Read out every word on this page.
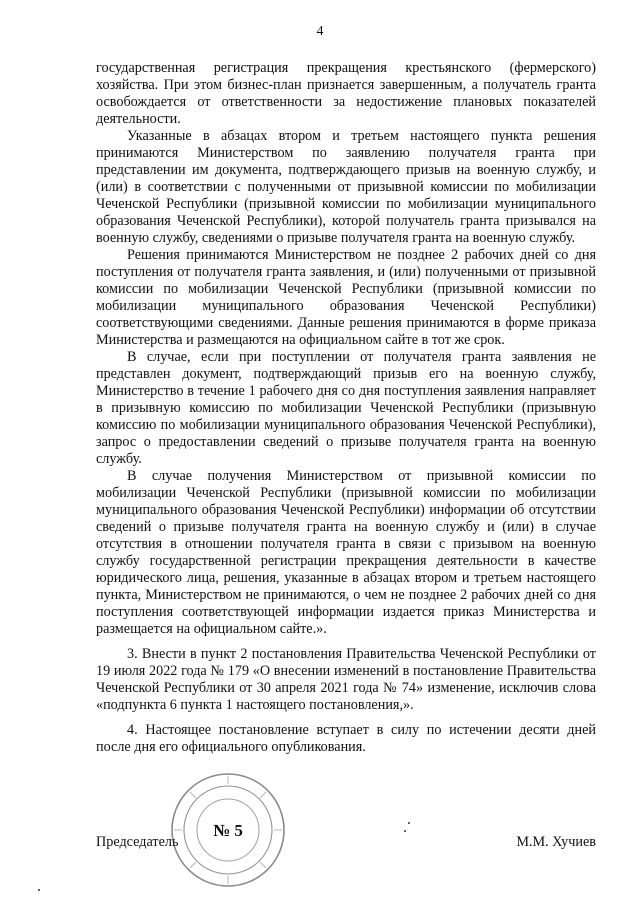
4

государственная регистрация прекращения крестьянского (фермерского) хозяйства. При этом бизнес-план признается завершенным, а получатель гранта освобождается от ответственности за недостижение плановых показателей деятельности.

Указанные в абзацах втором и третьем настоящего пункта решения принимаются Министерством по заявлению получателя гранта при представлении им документа, подтверждающего призыв на военную службу, и (или) в соответствии с полученными от призывной комиссии по мобилизации Чеченской Республики (призывной комиссии по мобилизации муниципального образования Чеченской Республики), которой получатель гранта призывался на военную службу, сведениями о призыве получателя гранта на военную службу.

Решения принимаются Министерством не позднее 2 рабочих дней со дня поступления от получателя гранта заявления, и (или) полученными от призывной комиссии по мобилизации Чеченской Республики (призывной комиссии по мобилизации муниципального образования Чеченской Республики) соответствующими сведениями. Данные решения принимаются в форме приказа Министерства и размещаются на официальном сайте в тот же срок.

В случае, если при поступлении от получателя гранта заявления не представлен документ, подтверждающий призыв его на военную службу, Министерство в течение 1 рабочего дня со дня поступления заявления направляет в призывную комиссию по мобилизации Чеченской Республики (призывную комиссию по мобилизации муниципального образования Чеченской Республики), запрос о предоставлении сведений о призыве получателя гранта на военную службу.

В случае получения Министерством от призывной комиссии по мобилизации Чеченской Республики (призывной комиссии по мобилизации муниципального образования Чеченской Республики) информации об отсутствии сведений о призыве получателя гранта на военную службу и (или) в случае отсутствия в отношении получателя гранта в связи с призывом на военную службу государственной регистрации прекращения деятельности в качестве юридического лица, решения, указанные в абзацах втором и третьем настоящего пункта, Министерством не принимаются, о чем не позднее 2 рабочих дней со дня поступления соответствующей информации издается приказ Министерства и размещается на официальном сайте.».

3. Внести в пункт 2 постановления Правительства Чеченской Республики от 19 июля 2022 года № 179 «О внесении изменений в постановление Правительства Чеченской Республики от 30 апреля 2021 года № 74» изменение, исключив слова «подпункта 6 пункта 1 настоящего постановления,».

4. Настоящее постановление вступает в силу по истечении десяти дней после дня его официального опубликования.

Председатель	М.М. Хучиев
№ 5
